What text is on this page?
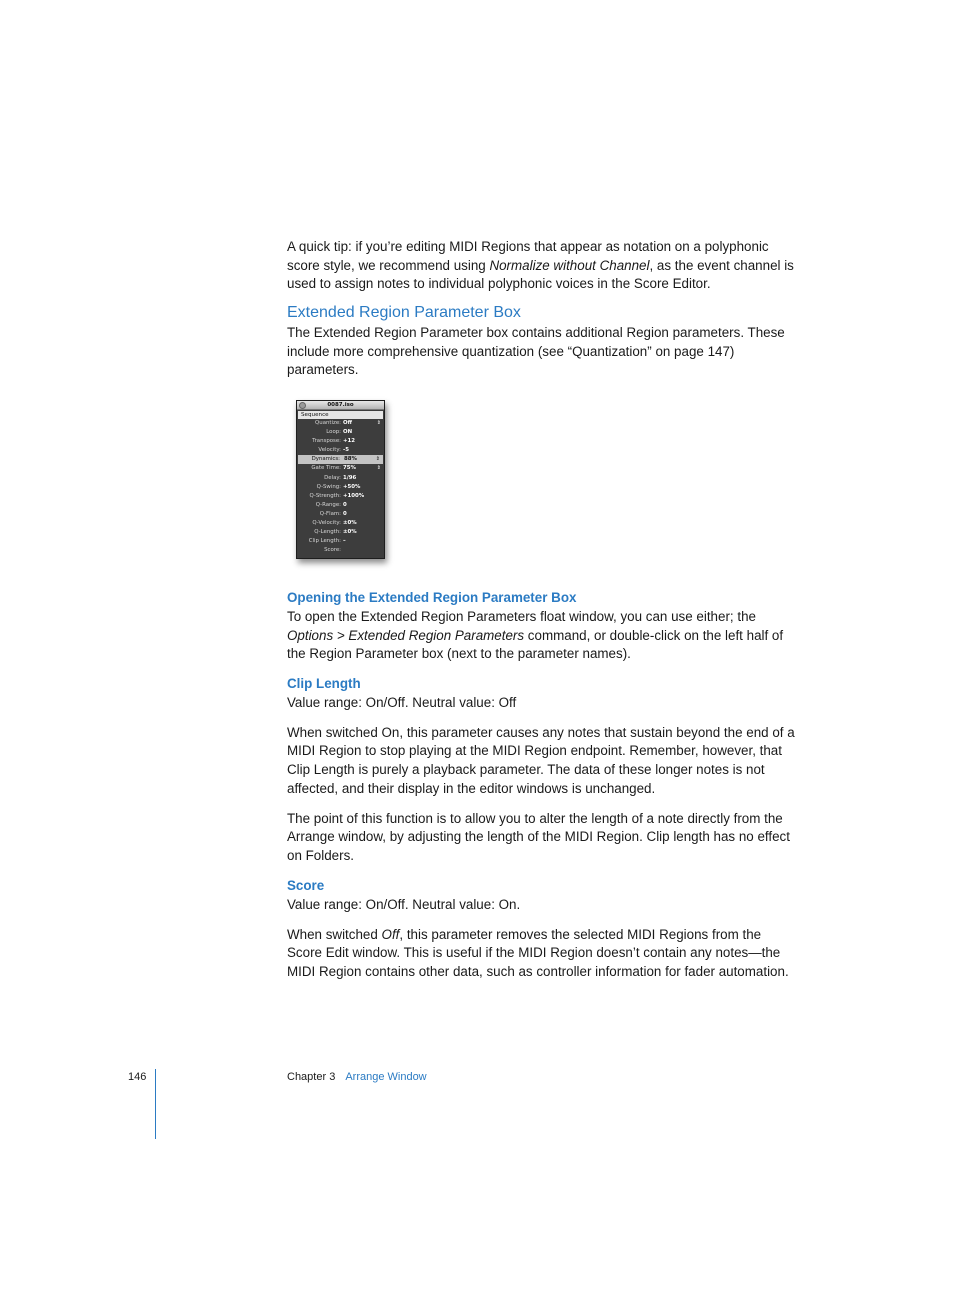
A quick tip: if you’re editing MIDI Regions that appear as notation on a polyphonic score style, we recommend using Normalize without Channel, as the event channel is used to assign notes to individual polyphonic voices in the Score Editor.

Extended Region Parameter Box

The Extended Region Parameter box contains additional Region parameters. These include more comprehensive quantization (see “Quantization” on page 147) parameters.

0087.iso
Sequence
Quantize: Off	⇕
Loop: ON
Transpose: +12
Velocity: -5
Dynamics: 88%	⇕
Gate Time: 75%	⇕
Delay: 1/96
Q-Swing: +50%
Q-Strength: +100%
Q-Range: 0
Q-Flam: 0
Q-Velocity: ±0%
Q-Length: ±0%
Clip Length: –
Score:
Opening the Extended Region Parameter Box

To open the Extended Region Parameters float window, you can use either; the Options > Extended Region Parameters command, or double-click on the left half of the Region Parameter box (next to the parameter names).

Clip Length

Value range: On/Off. Neutral value: Off

When switched On, this parameter causes any notes that sustain beyond the end of a MIDI Region to stop playing at the MIDI Region endpoint. Remember, however, that Clip Length is purely a playback parameter. The data of these longer notes is not affected, and their display in the editor windows is unchanged.

The point of this function is to allow you to alter the length of a note directly from the Arrange window, by adjusting the length of the MIDI Region. Clip length has no effect on Folders.

Score

Value range: On/Off. Neutral value: On.

When switched Off, this parameter removes the selected MIDI Regions from the Score Edit window. This is useful if the MIDI Region doesn’t contain any notes—the MIDI Region contains other data, such as controller information for fader automation.

146	Chapter 3 Arrange Window
